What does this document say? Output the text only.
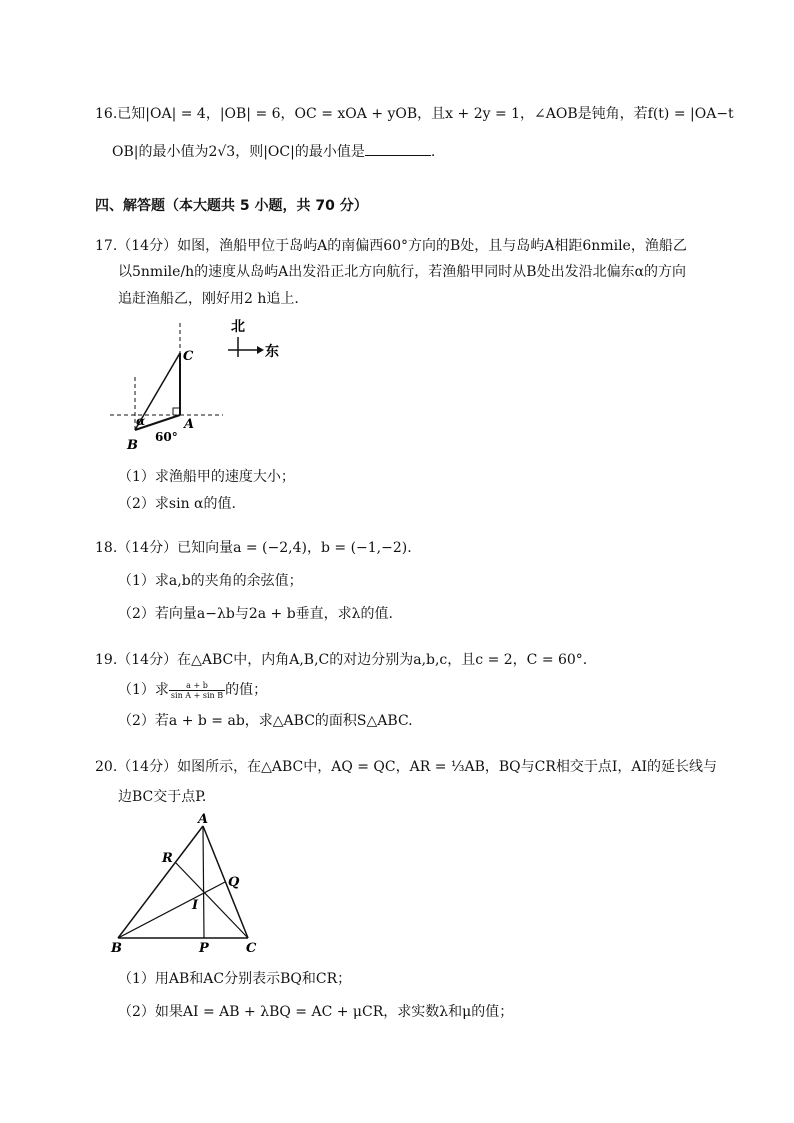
16.已知|OA| = 4，|OB| = 6，OC = xOA + yOB，且x + 2y = 1，∠AOB是钝角，若f(t) = |OA−t
OB|的最小值为2√3，则|OC|的最小值是	.
四、解答题（本大题共 5 小题，共 70 分）
17.（14分）如图，渔船甲位于岛屿A的南偏西60°方向的B处，且与岛屿A相距6nmile，渔船乙
以5nmile/h的速度从岛屿A出发沿正北方向航行，若渔船甲同时从B处出发沿北偏东α的方向
追赶渔船乙，刚好用2 h追上.
C
A
B
α
60°
北
东
（1）求渔船甲的速度大小；
（2）求sin α的值.
18.（14分）已知向量a = (−2,4)，b = (−1,−2).
（1）求a,b的夹角的余弦值；
（2）若向量a−λb与2a + b垂直，求λ的值.
19.（14分）在△ABC中，内角A,B,C的对边分别为a,b,c，且c = 2，C = 60°.
（1）求 $\frac{a + b}{\text{sin A + sin B}}$ 的值；
（2）若a + b = ab，求△ABC的面积S△ABC.
20.（14分）如图所示，在△ABC中，AQ = QC，AR = ⅓AB，BQ与CR相交于点I，AI的延长线与
边BC交于点P.
A
B	C
P
Q
R
I
（1）用AB和AC分别表示BQ和CR；
（2）如果AI = AB + λBQ = AC + μCR，求实数λ和μ的值；
